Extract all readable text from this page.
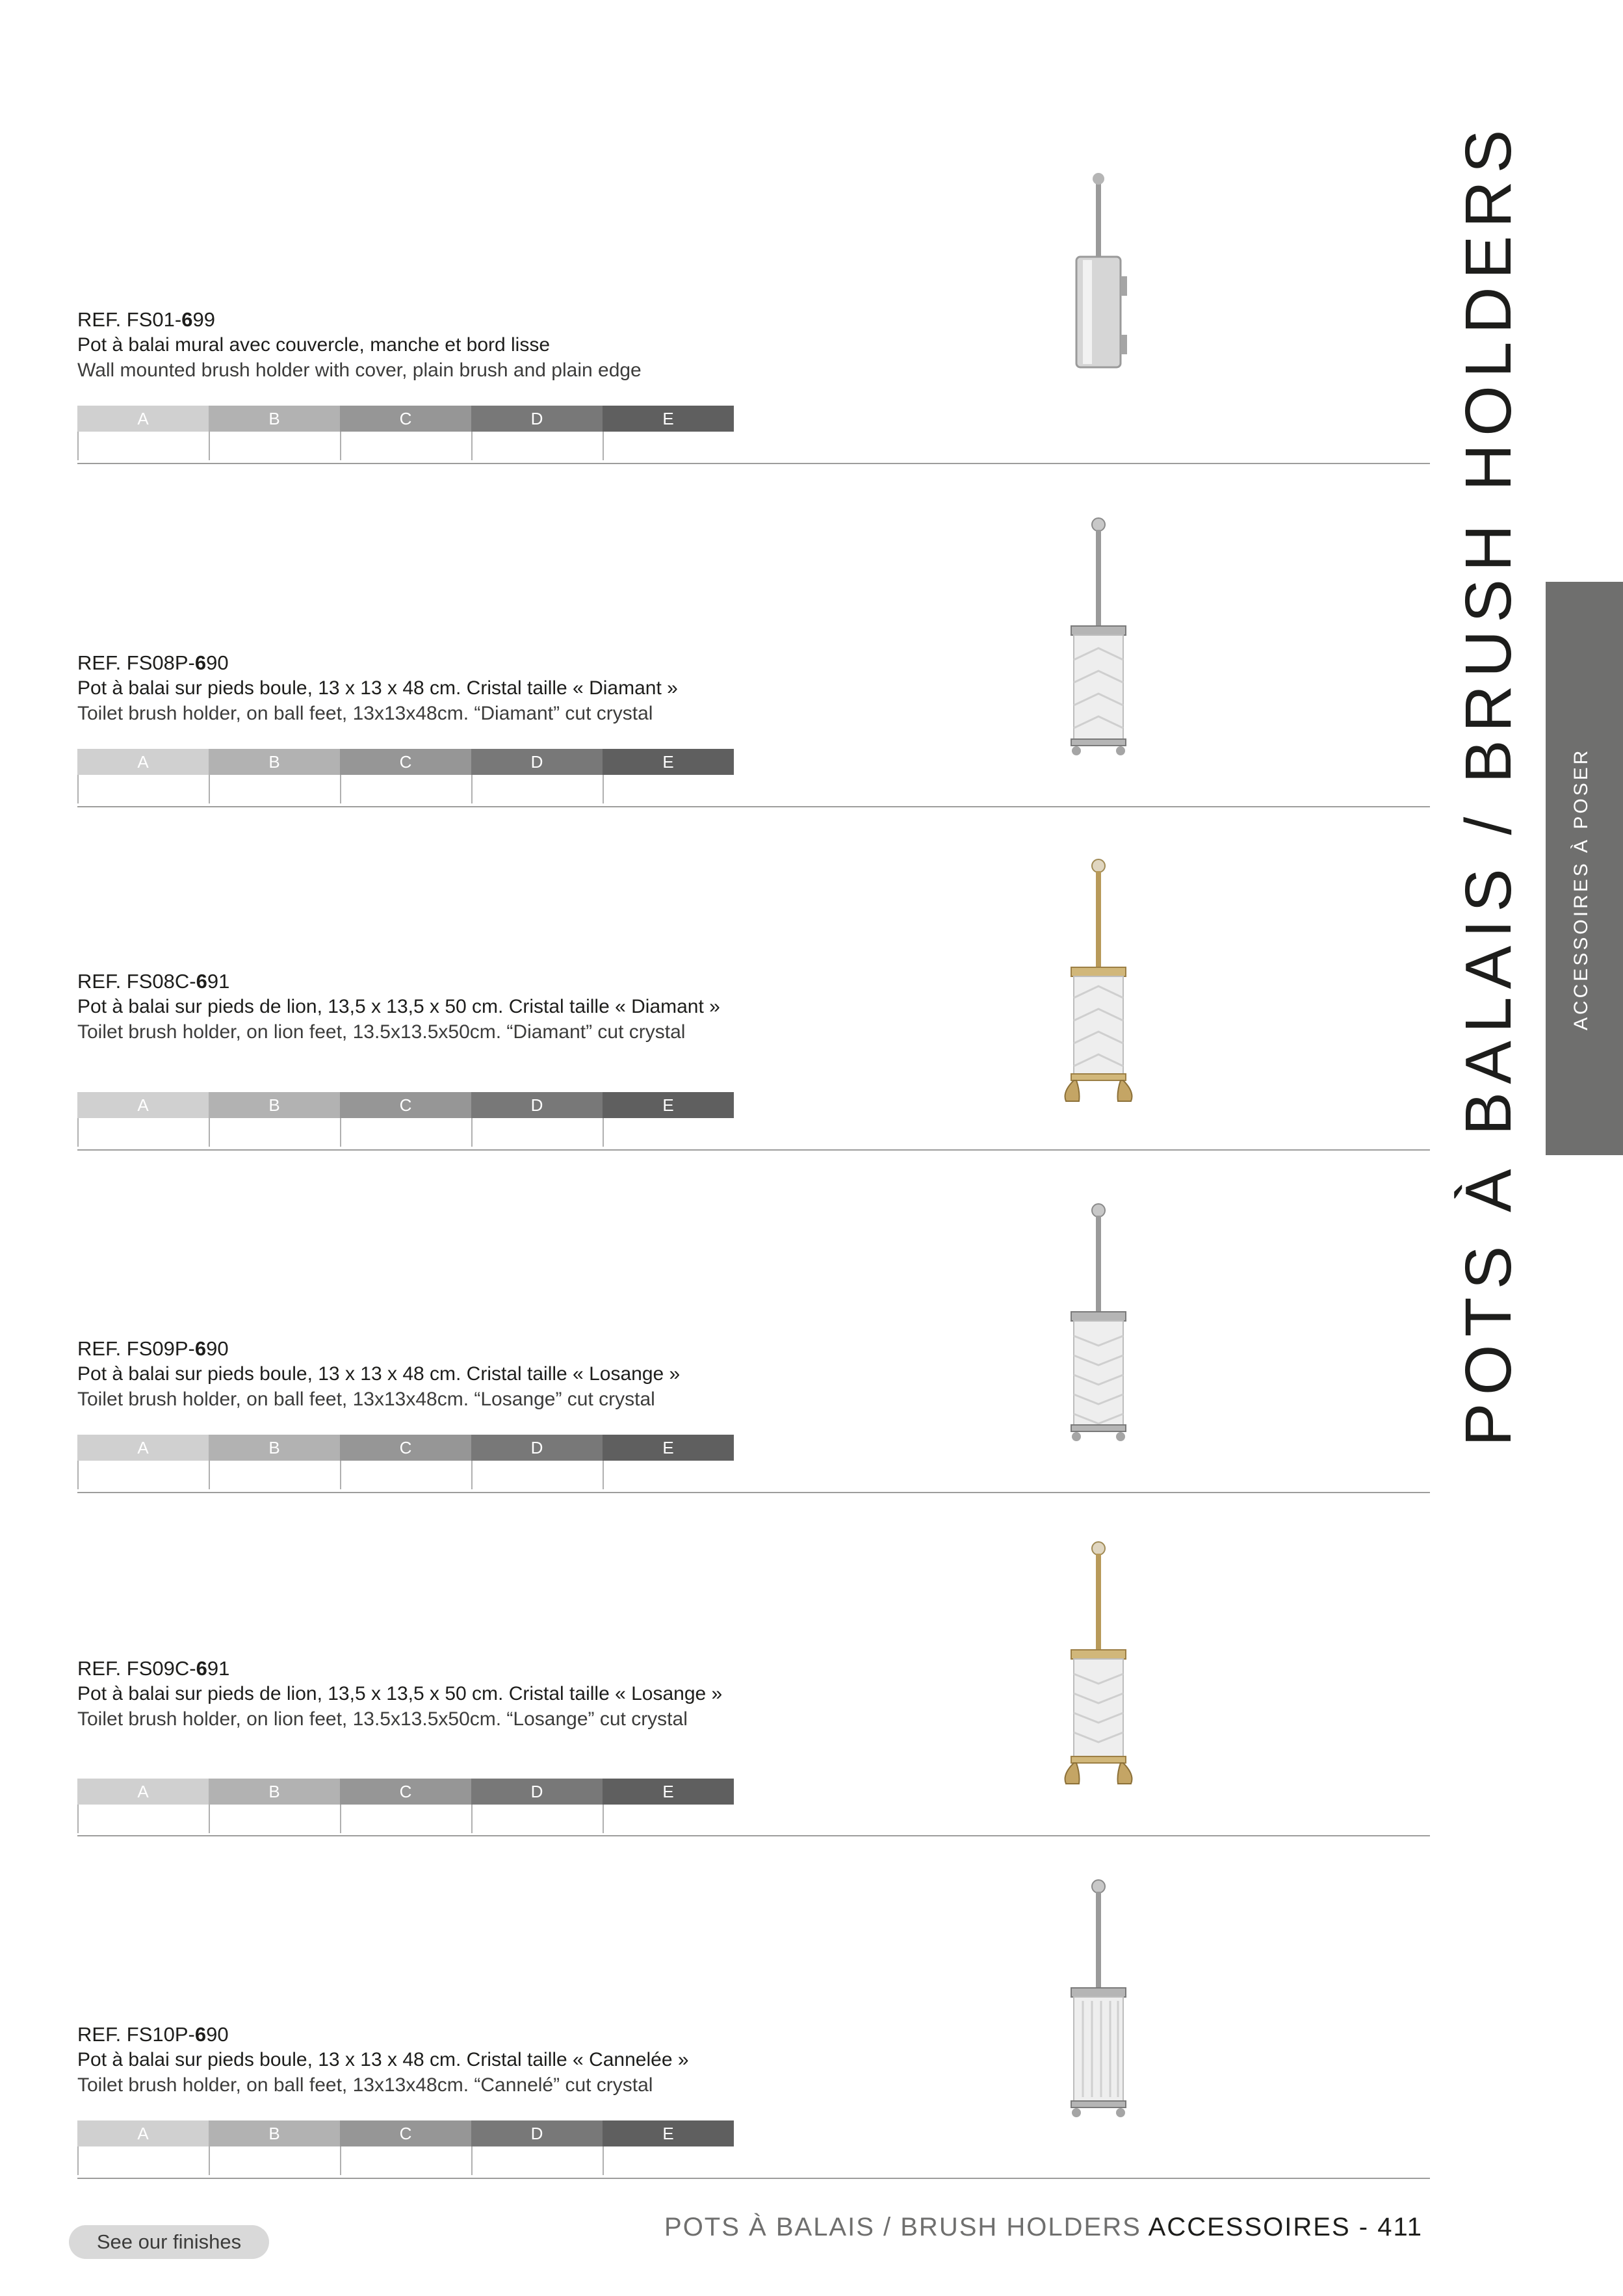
REF. FS01-699
Pot à balai mural avec couvercle, manche et bord lisse
Wall mounted brush holder with cover, plain brush and plain edge
A	B	C	D	E
REF. FS08P-690
Pot à balai sur pieds boule, 13 x 13 x 48 cm. Cristal taille « Diamant »
Toilet brush holder, on ball feet, 13x13x48cm. “Diamant” cut crystal
A	B	C	D	E
REF. FS08C-691
Pot à balai sur pieds de lion, 13,5 x 13,5 x 50 cm. Cristal taille « Diamant »
Toilet brush holder, on lion feet, 13.5x13.5x50cm. “Diamant” cut crystal
A	B	C	D	E
REF. FS09P-690
Pot à balai sur pieds boule, 13 x 13 x 48 cm. Cristal taille « Losange »
Toilet brush holder, on ball feet, 13x13x48cm. “Losange” cut crystal
A	B	C	D	E
REF. FS09C-691
Pot à balai sur pieds de lion, 13,5 x 13,5 x 50 cm. Cristal taille « Losange »
Toilet brush holder, on lion feet, 13.5x13.5x50cm. “Losange” cut crystal
A	B	C	D	E
REF. FS10P-690
Pot à balai sur pieds boule, 13 x 13 x 48 cm. Cristal taille « Cannelée »
Toilet brush holder, on ball feet, 13x13x48cm. “Cannelé” cut crystal
A	B	C	D	E
POTS À BALAIS / BRUSH HOLDERS ACCESSOIRES À POSER
See our finishes
POTS À BALAIS / BRUSH HOLDERS ACCESSOIRES - 411
